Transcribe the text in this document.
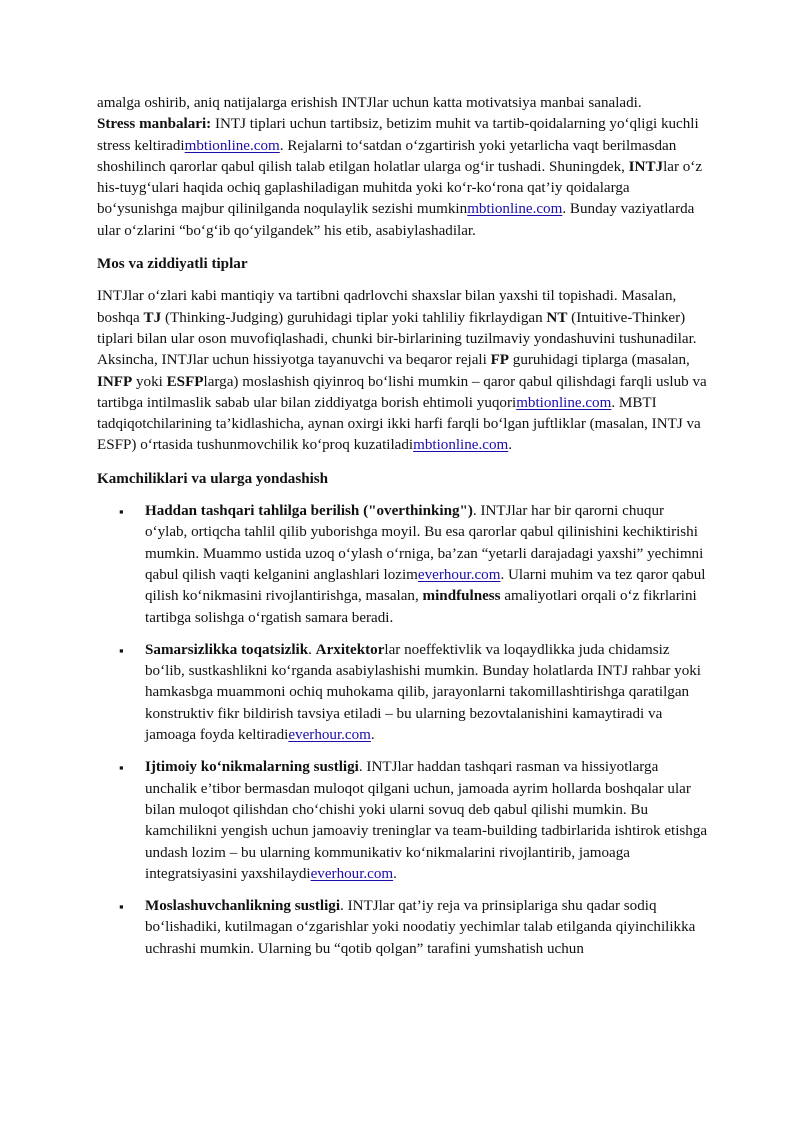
amalga oshirib, aniq natijalarga erishish INTJlar uchun katta motivatsiya manbai sanaladi.
Stress manbalari: INTJ tiplari uchun tartibsiz, betizim muhit va tartib-qoidalarning yo‘qligi kuchli stress keltiradimbtionline.com. Rejalarni to‘satdan o‘zgartirish yoki yetarlicha vaqt berilmasdan shoshilinch qarorlar qabul qilish talab etilgan holatlar ularga og‘ir tushadi. Shuningdek, INTJlar o‘z his-tuyg‘ulari haqida ochiq gaplashiladigan muhitda yoki ko‘r-ko‘rona qat’iy qoidalarga bo‘ysunishga majbur qilinilganda noqulaylik sezishi mumkinmbtionline.com. Bunday vaziyatlarda ular o‘zlarini “bo‘g‘ib qo‘yilgandek” his etib, asabiylashadilar.

Mos va ziddiyatli tiplar

INTJlar o‘zlari kabi mantiqiy va tartibni qadrlovchi shaxslar bilan yaxshi til topishadi. Masalan, boshqa TJ (Thinking-Judging) guruhidagi tiplar yoki tahliliy fikrlaydigan NT (Intuitive-Thinker) tiplari bilan ular oson muvofiqlashadi, chunki bir-birlarining tuzilmaviy yondashuvini tushunadilar. Aksincha, INTJlar uchun hissiyotga tayanuvchi va beqaror rejali FP guruhidagi tiplarga (masalan, INFP yoki ESFPlarga) moslashish qiyinroq bo‘lishi mumkin – qaror qabul qilishdagi farqli uslub va tartibga intilmaslik sabab ular bilan ziddiyatga borish ehtimoli yuqorimbtionline.com. MBTI tadqiqotchilarining ta’kidlashicha, aynan oxirgi ikki harfi farqli bo‘lgan juftliklar (masalan, INTJ va ESFP) o‘rtasida tushunmovchilik ko‘proq kuzatiladimbtionline.com.

Kamchiliklari va ularga yondashish
▪ Haddan tashqari tahlilga berilish ("overthinking"). INTJlar har bir qarorni chuqur o‘ylab, ortiqcha tahlil qilib yuborishga moyil. Bu esa qarorlar qabul qilinishini kechiktirishi mumkin. Muammo ustida uzoq o‘ylash o‘rniga, ba’zan “yetarli darajadagi yaxshi” yechimni qabul qilish vaqti kelganini anglashlari lozimeverhour.com. Ularni muhim va tez qaror qabul qilish ko‘nikmasini rivojlantirishga, masalan, mindfulness amaliyotlari orqali o‘z fikrlarini tartibga solishga o‘rgatish samara beradi.
▪ Samarsizlikka toqatsizlik. Arxitektorlar noeffektivlik va loqaydlikka juda chidamsiz bo‘lib, sustkashlikni ko‘rganda asabiylashishi mumkin. Bunday holatlarda INTJ rahbar yoki hamkasbga muammoni ochiq muhokama qilib, jarayonlarni takomillashtirishga qaratilgan konstruktiv fikr bildirish tavsiya etiladi – bu ularning bezovtalanishini kamaytiradi va jamoaga foyda keltiradieverhour.com.
▪ Ijtimoiy ko‘nikmalarning sustligi. INTJlar haddan tashqari rasman va hissiyotlarga unchalik e’tibor bermasdan muloqot qilgani uchun, jamoada ayrim hollarda boshqalar ular bilan muloqot qilishdan cho‘chishi yoki ularni sovuq deb qabul qilishi mumkin. Bu kamchilikni yengish uchun jamoaviy treninglar va team-building tadbirlarida ishtirok etishga undash lozim – bu ularning kommunikativ ko‘nikmalarini rivojlantirib, jamoaga integratsiyasini yaxshilaydieverhour.com.
▪ Moslashuvchanlikning sustligi. INTJlar qat’iy reja va prinsiplariga shu qadar sodiq bo‘lishadiki, kutilmagan o‘zgarishlar yoki noodatiy yechimlar talab etilganda qiyinchilikka uchrashi mumkin. Ularning bu “qotib qolgan” tarafini yumshatish uchun
